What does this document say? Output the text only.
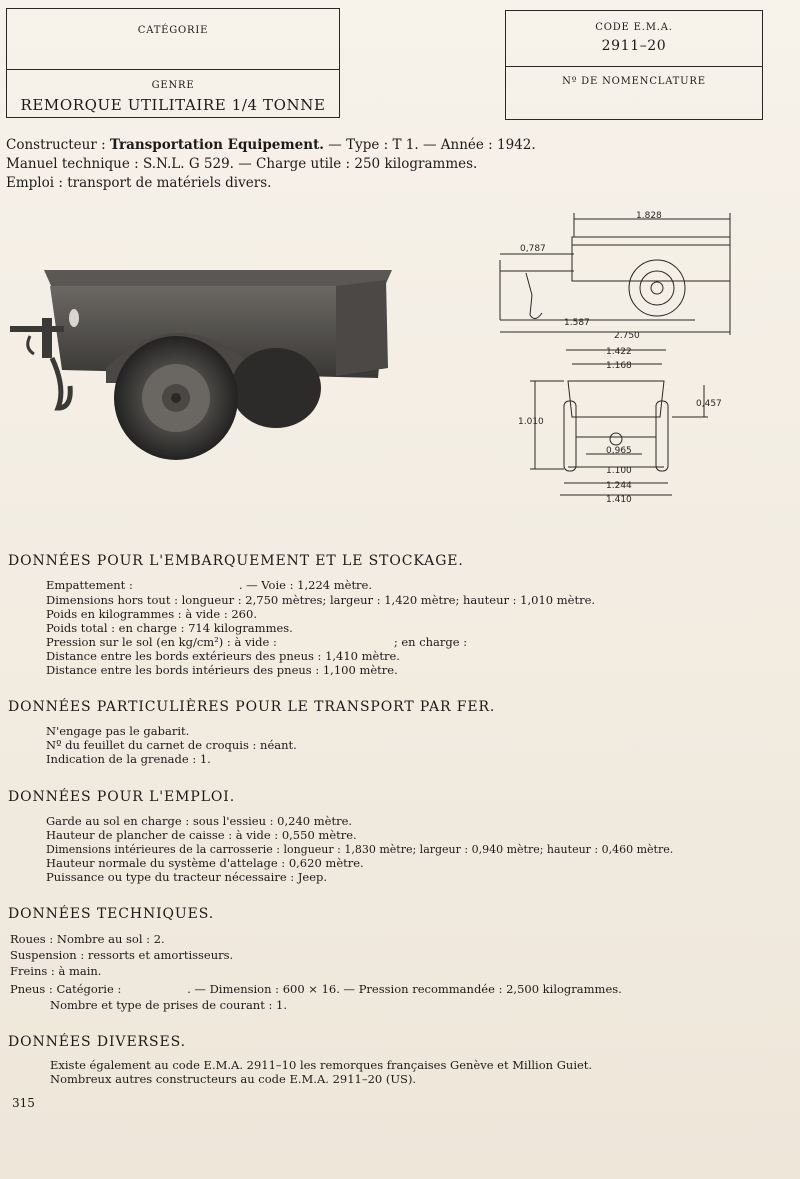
CATÉGORIE
GENRE
REMORQUE UTILITAIRE 1/4 TONNE
CODE E.M.A.
2911–20
Nº DE NOMENCLATURE
Constructeur : Transportation Equipement. — Type : T 1. — Année : 1942.
Manuel technique : S.N.L. G 529. — Charge utile : 250 kilogrammes.
Emploi : transport de matériels divers.
1.828
0,787
1.587
2.750
1.422
1.168
1.010
0,457
0,965
1.100
1.244
1.410
DONNÉES POUR L'EMBARQUEMENT ET LE STOCKAGE.
Empattement :                             . — Voie : 1,224 mètre.
Dimensions hors tout : longueur : 2,750 mètres; largeur : 1,420 mètre; hauteur : 1,010 mètre.
Poids en kilogrammes : à vide : 260.
Poids total : en charge : 714 kilogrammes.
Pression sur le sol (en kg/cm²) : à vide :                                ; en charge :
Distance entre les bords extérieurs des pneus : 1,410 mètre.
Distance entre les bords intérieurs des pneus : 1,100 mètre.
DONNÉES PARTICULIÈRES POUR LE TRANSPORT PAR FER.
N'engage pas le gabarit.
Nº du feuillet du carnet de croquis : néant.
Indication de la grenade : 1.
DONNÉES POUR L'EMPLOI.
Garde au sol en charge : sous l'essieu : 0,240 mètre.
Hauteur de plancher de caisse : à vide : 0,550 mètre.
Dimensions intérieures de la carrosserie : longueur : 1,830 mètre; largeur : 0,940 mètre; hauteur : 0,460 mètre.
Hauteur normale du système d'attelage : 0,620 mètre.
Puissance ou type du tracteur nécessaire : Jeep.
DONNÉES TECHNIQUES.
Roues : Nombre au sol : 2.
Suspension : ressorts et amortisseurs.
Freins : à main.
Pneus : Catégorie :                  . — Dimension : 600 × 16. — Pression recommandée : 2,500 kilogrammes.
Nombre et type de prises de courant : 1.
DONNÉES DIVERSES.
Existe également au code E.M.A. 2911–10 les remorques françaises Genève et Million Guiet.
Nombreux autres constructeurs au code E.M.A. 2911–20 (US).
315
